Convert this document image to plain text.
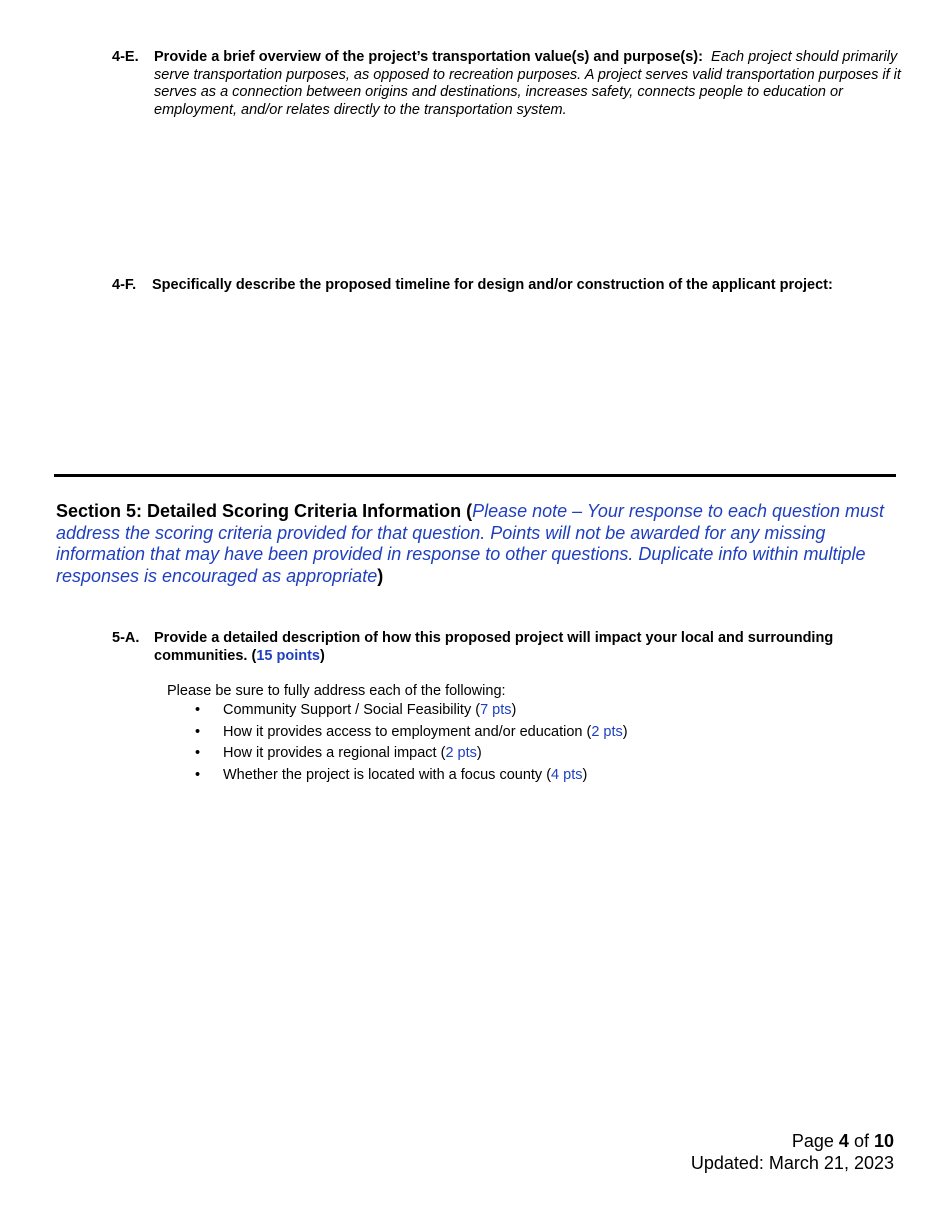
4-E. Provide a brief overview of the project’s transportation value(s) and purpose(s): Each project should primarily serve transportation purposes, as opposed to recreation purposes. A project serves valid transportation purposes if it serves as a connection between origins and destinations, increases safety, connects people to education or employment, and/or relates directly to the transportation system.
4-F. Specifically describe the proposed timeline for design and/or construction of the applicant project:
Section 5: Detailed Scoring Criteria Information (Please note – Your response to each question must address the scoring criteria provided for that question. Points will not be awarded for any missing information that may have been provided in response to other questions. Duplicate info within multiple responses is encouraged as appropriate)
5-A. Provide a detailed description of how this proposed project will impact your local and surrounding communities. (15 points)
Please be sure to fully address each of the following:
• Community Support / Social Feasibility (7 pts)
• How it provides access to employment and/or education (2 pts)
• How it provides a regional impact (2 pts)
• Whether the project is located with a focus county (4 pts)
Page 4 of 10
Updated: March 21, 2023
